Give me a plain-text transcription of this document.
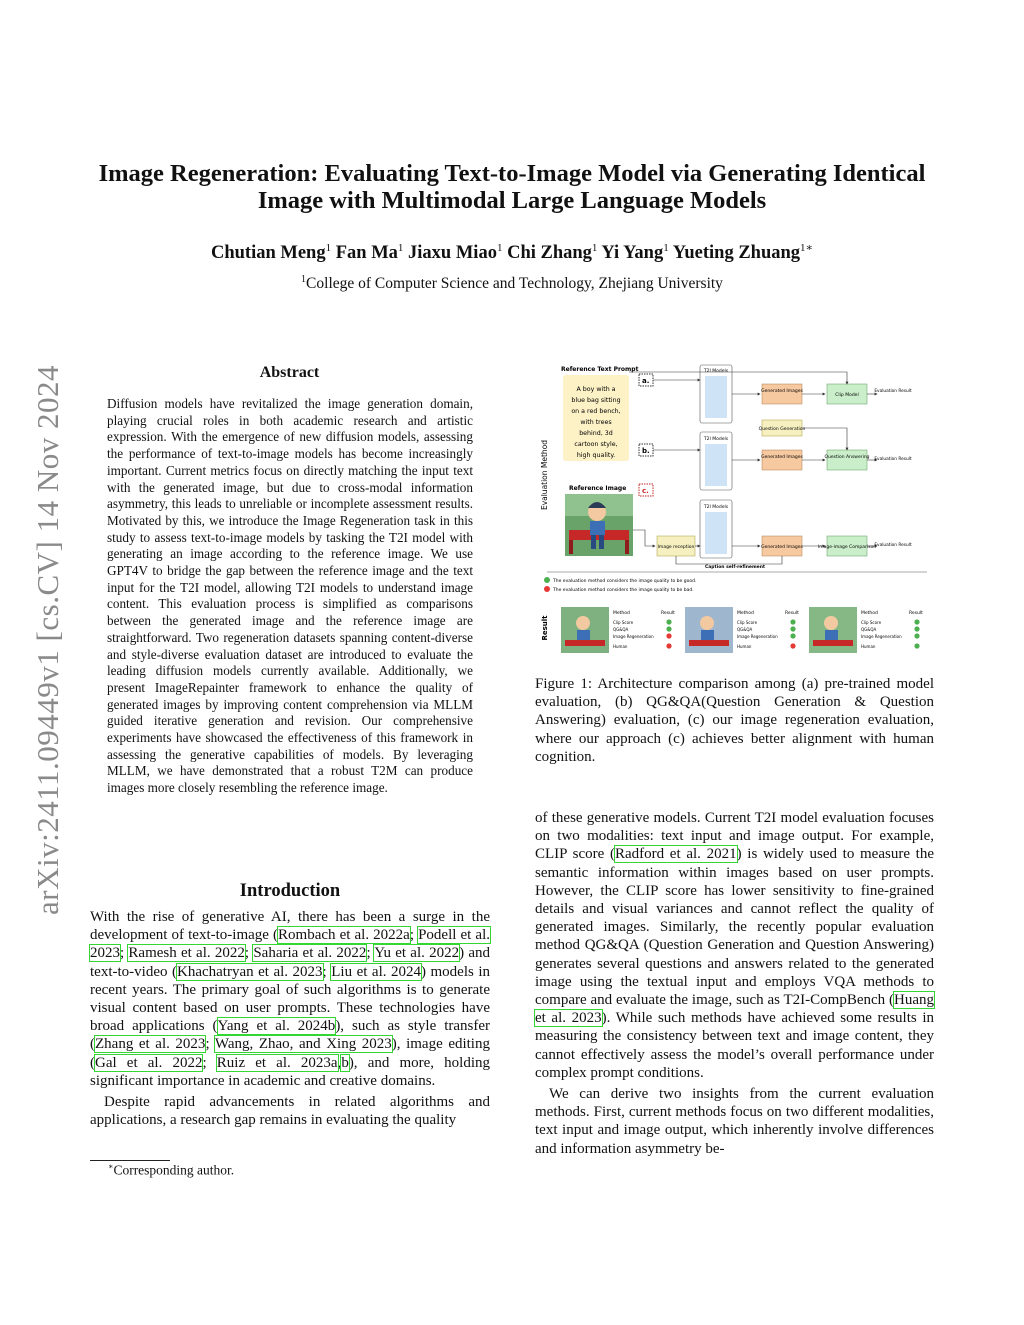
arXiv:2411.09449v1 [cs.CV] 14 Nov 2024
Image Regeneration: Evaluating Text-to-Image Model via Generating Identical Image with Multimodal Large Language Models
Chutian Meng$^1$ Fan Ma$^1$ Jiaxu Miao$^1$ Chi Zhang$^1$ Yi Yang$^1$ Yueting Zhuang$^{1∗}$
$^1$College of Computer Science and Technology, Zhejiang University
Abstract
Diffusion models have revitalized the image generation domain, playing crucial roles in both academic research and artistic expression. With the emergence of new diffusion models, assessing the performance of text-to-image models has become increasingly important. Current metrics focus on directly matching the input text with the generated image, but due to cross-modal information asymmetry, this leads to unreliable or incomplete assessment results. Motivated by this, we introduce the Image Regeneration task in this study to assess text-to-image models by tasking the T2I model with generating an image according to the reference image. We use GPT4V to bridge the gap between the reference image and the text input for the T2I model, allowing T2I models to understand image content. This evaluation process is simplified as comparisons between the generated image and the reference image are straightforward. Two regeneration datasets spanning content-diverse and style-diverse evaluation dataset are introduced to evaluate the leading diffusion models currently available. Additionally, we present ImageRepainter framework to enhance the quality of generated images by improving content comprehension via MLLM guided iterative generation and revision. Our comprehensive experiments have showcased the effectiveness of this framework in assessing the generative capabilities of models. By leveraging MLLM, we have demonstrated that a robust T2M can produce images more closely resembling the reference image.
Introduction

With the rise of generative AI, there has been a surge in the development of text-to-image (Rombach et al. 2022a; Podell et al. 2023; Ramesh et al. 2022; Saharia et al. 2022; Yu et al. 2022) and text-to-video (Khachatryan et al. 2023; Liu et al. 2024) models in recent years. The primary goal of such algorithms is to generate visual content based on user prompts. These technologies have broad applications (Yang et al. 2024b), such as style transfer (Zhang et al. 2023; Wang, Zhao, and Xing 2023), image editing (Gal et al. 2022; Ruiz et al. 2023a,b), and more, holding significant importance in academic and creative domains.

Despite rapid advancements in related algorithms and applications, a research gap remains in evaluating the quality

∗Corresponding author.
Evaluation Method
Reference Text Prompt
A boy with a
blue bag sitting
on a red bench,
with trees
behind, 3d
cartoon style,
high quality.
a.
b.
c.
Reference Image
T2I Models
Generated Images
Clip Model
Evaluation Result
Question Generation
T2I Models
Generated Images	Question Answering Evaluation Result
T2I Models
Image reception	Generated Images	Image-image Comparison
Evaluation Result
Caption self-refinement
The evaluation method considers the image quality to be good.
The evaluation method considers the image quality to be bad.
Result
Method	Result
Clip Score
QG&QA
Image Regeneration
Human
Method	Result
Clip Score
QG&QA
Image Regeneration
Human
Method	Result
Clip Score
QG&QA
Image Regeneration
Human
Figure 1: Architecture comparison among (a) pre-trained model evaluation, (b) QG&QA(Question Generation & Question Answering) evaluation, (c) our image regeneration evaluation, where our approach (c) achieves better alignment with human cognition.

of these generative models. Current T2I model evaluation focuses on two modalities: text input and image output. For example, CLIP score (Radford et al. 2021) is widely used to measure the semantic information within images based on user prompts. However, the CLIP score has lower sensitivity to fine-grained details and visual variances and cannot reflect the quality of generated images. Similarly, the recently popular evaluation method QG&QA (Question Generation and Question Answering) generates several questions and answers related to the generated image using the textual input and employs VQA methods to compare and evaluate the image, such as T2I-CompBench (Huang et al. 2023). While such methods have achieved some results in measuring the consistency between text and image content, they cannot effectively assess the model’s overall performance under complex prompt conditions.

We can derive two insights from the current evaluation methods. First, current methods focus on two different modalities, text input and image output, which inherently involve differences and information asymmetry be-
